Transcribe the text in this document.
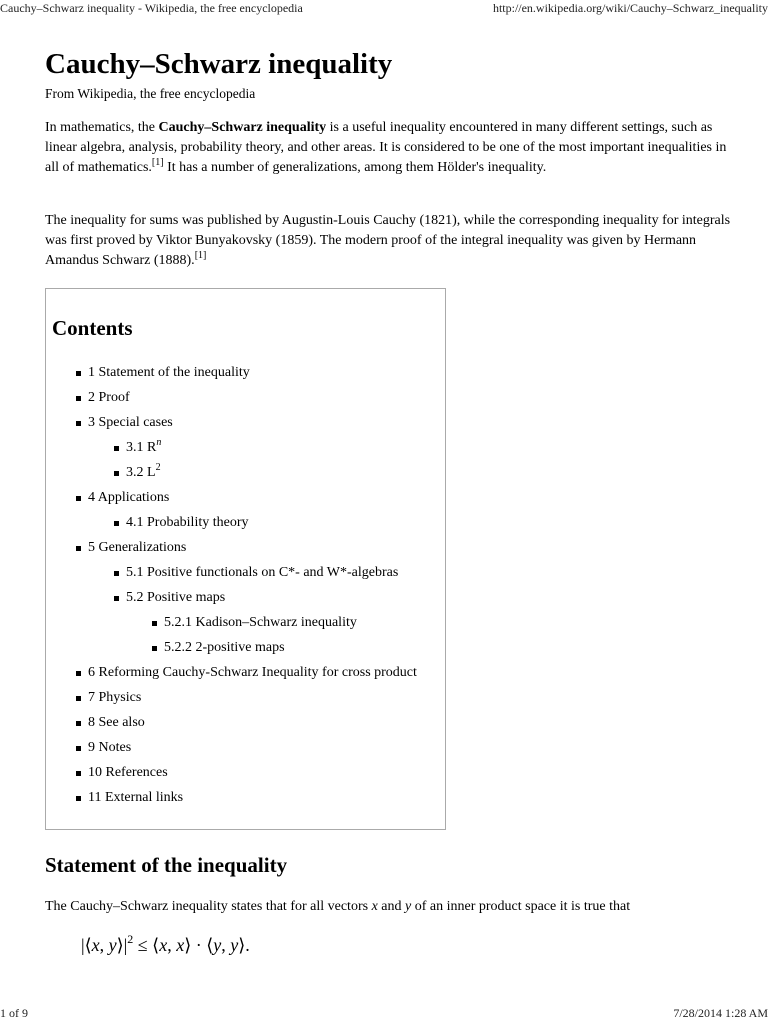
Cauchy–Schwarz inequality - Wikipedia, the free encyclopedia	http://en.wikipedia.org/wiki/Cauchy–Schwarz_inequality
Cauchy–Schwarz inequality
From Wikipedia, the free encyclopedia

In mathematics, the Cauchy–Schwarz inequality is a useful inequality encountered in many different settings, such as linear algebra, analysis, probability theory, and other areas. It is considered to be one of the most important inequalities in all of mathematics.[1] It has a number of generalizations, among them Hölder's inequality.

The inequality for sums was published by Augustin-Louis Cauchy (1821), while the corresponding inequality for integrals was first proved by Viktor Bunyakovsky (1859). The modern proof of the integral inequality was given by Hermann Amandus Schwarz (1888).[1]

Contents
1 Statement of the inequality
2 Proof
3 Special cases
3.1 $R^n$
3.2 $L^2$
4 Applications
4.1 Probability theory
5 Generalizations
5.1 Positive functionals on C*- and W*-algebras
5.2 Positive maps
5.2.1 Kadison–Schwarz inequality
5.2.2 2-positive maps
6 Reforming Cauchy-Schwarz Inequality for cross product
7 Physics
8 See also
9 Notes
10 References
11 External links
Statement of the inequality

The Cauchy–Schwarz inequality states that for all vectors x and y of an inner product space it is true that

|⟨x, $y⟩|^2$ ≤ ⟨x, x⟩ · ⟨y, y⟩.
1 of 9	7/28/2014 1:28 AM
